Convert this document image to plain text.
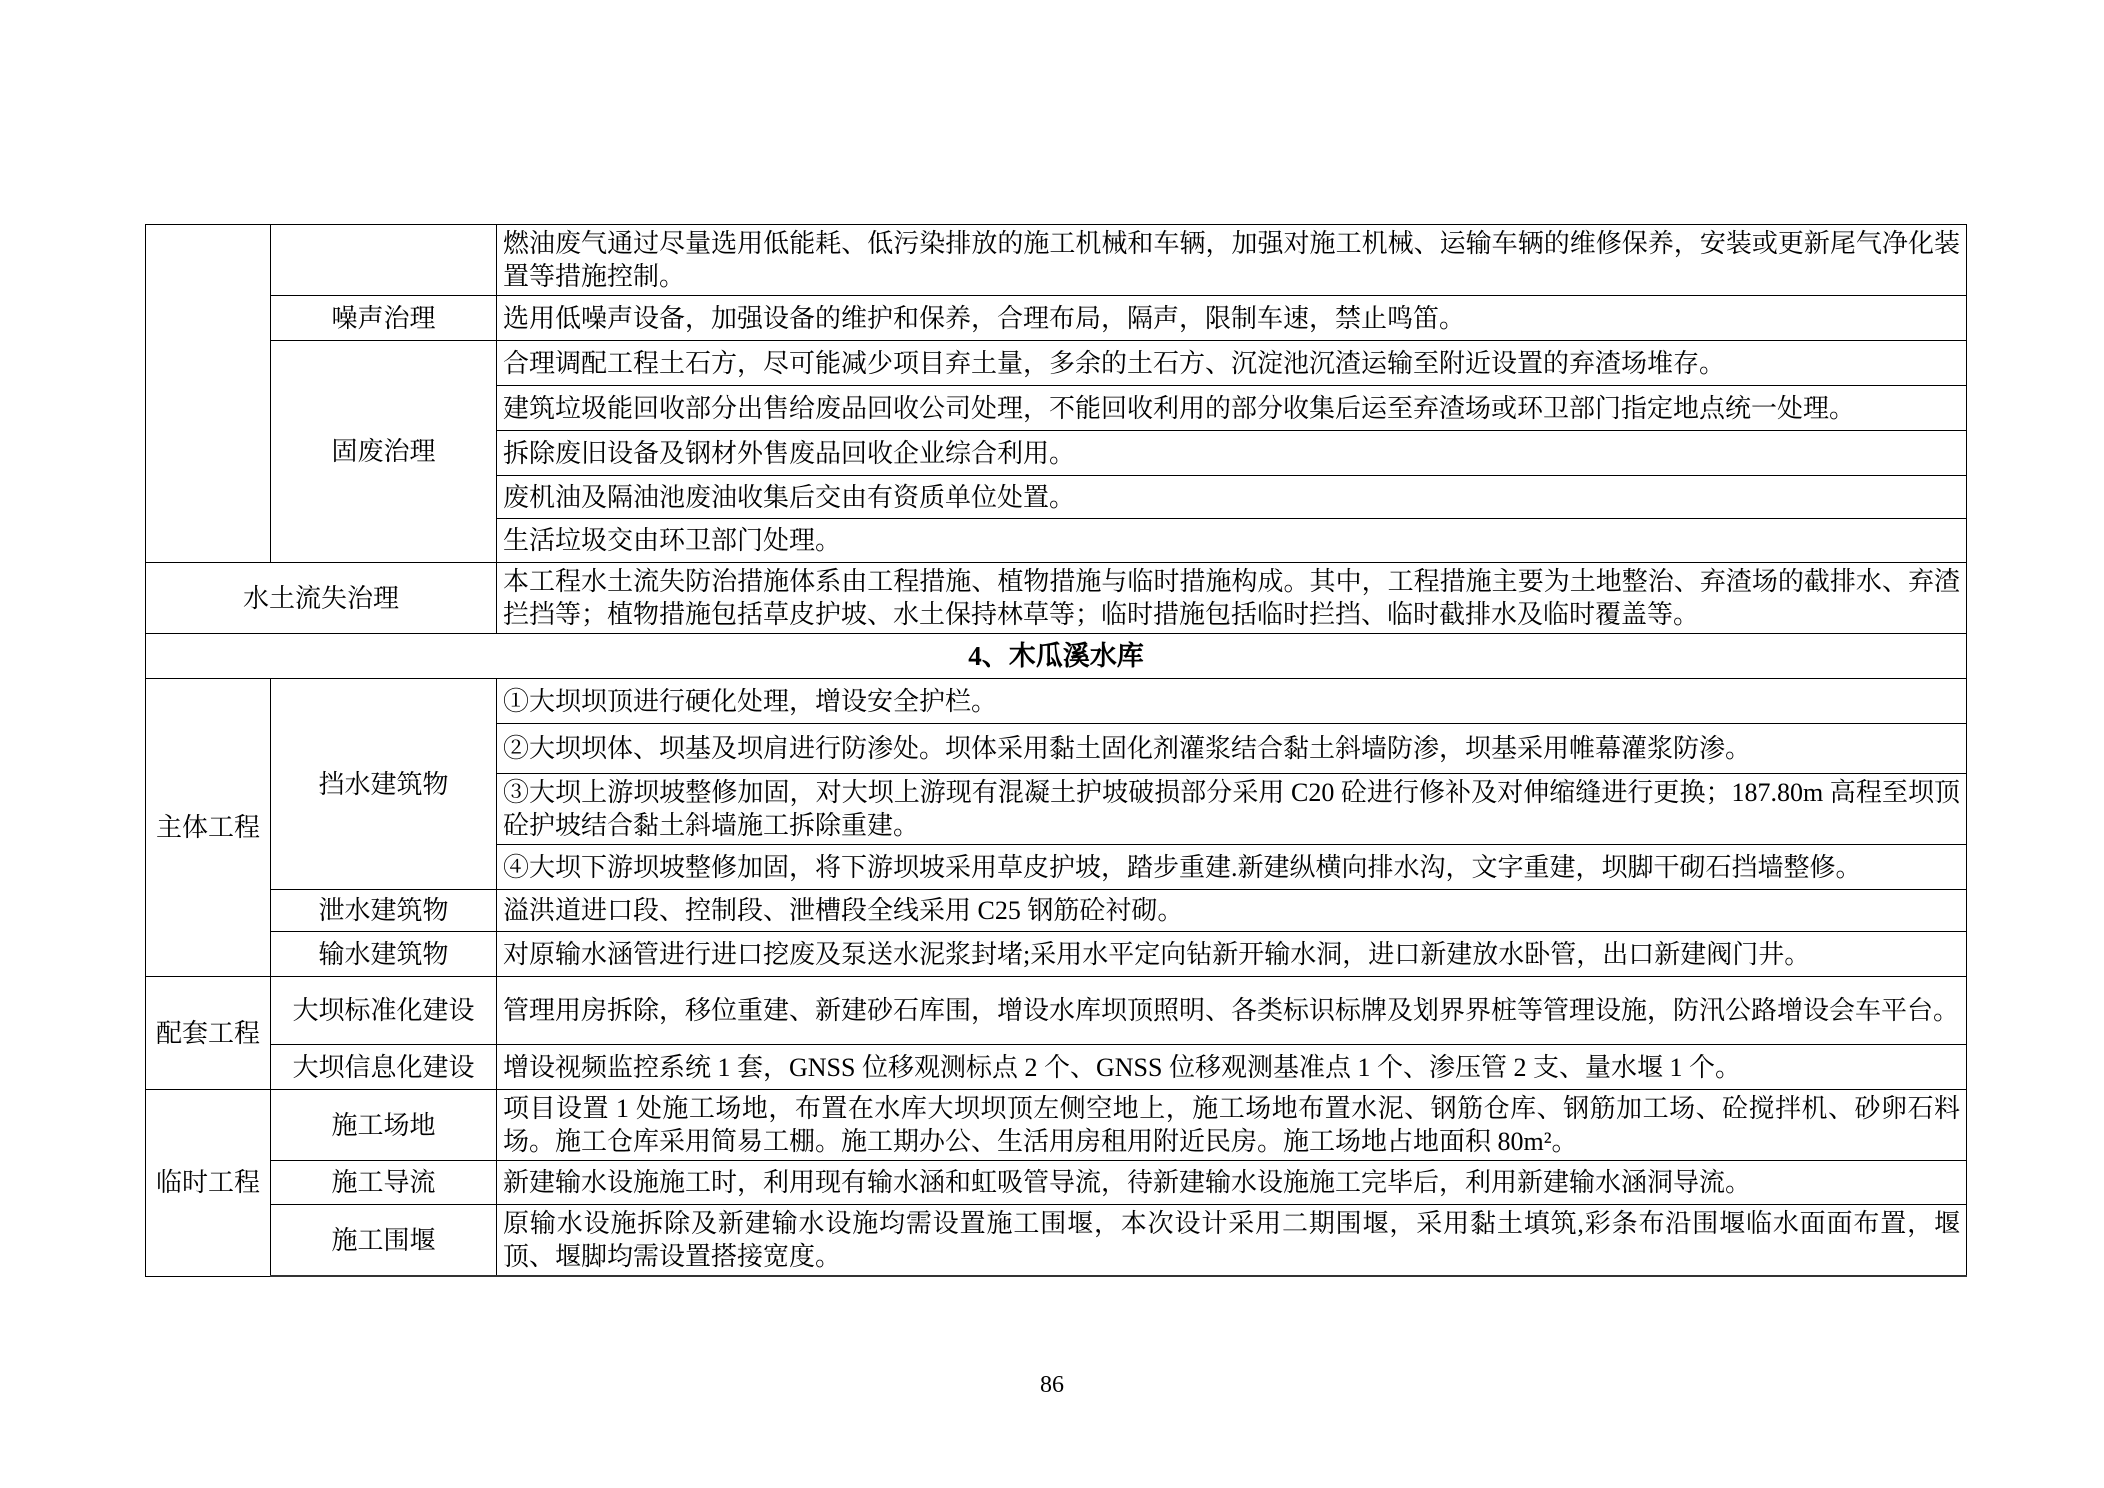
		燃油废气通过尽量选用低能耗、低污染排放的施工机械和车辆，加强对施工机械、运输车辆的维修保养，安装或更新尾气净化装置等措施控制。
	噪声治理	选用低噪声设备，加强设备的维护和保养，合理布局，隔声，限制车速，禁止鸣笛。
	固废治理	合理调配工程土石方，尽可能减少项目弃土量，多余的土石方、沉淀池沉渣运输至附近设置的弃渣场堆存。
		建筑垃圾能回收部分出售给废品回收公司处理，不能回收利用的部分收集后运至弃渣场或环卫部门指定地点统一处理。
		拆除废旧设备及钢材外售废品回收企业综合利用。
		废机油及隔油池废油收集后交由有资质单位处置。
		生活垃圾交由环卫部门处理。
水土流失治理		本工程水土流失防治措施体系由工程措施、植物措施与临时措施构成。其中，工程措施主要为土地整治、弃渣场的截排水、弃渣拦挡等；植物措施包括草皮护坡、水土保持林草等；临时措施包括临时拦挡、临时截排水及临时覆盖等。
4、木瓜溪水库		
主体工程	挡水建筑物	①大坝坝顶进行硬化处理，增设安全护栏。
		②大坝坝体、坝基及坝肩进行防渗处。坝体采用黏土固化剂灌浆结合黏土斜墙防渗，坝基采用帷幕灌浆防渗。
		③大坝上游坝坡整修加固，对大坝上游现有混凝土护坡破损部分采用 C20 砼进行修补及对伸缩缝进行更换；187.80m 高程至坝顶砼护坡结合黏土斜墙施工拆除重建。
		④大坝下游坝坡整修加固，将下游坝坡采用草皮护坡，踏步重建.新建纵横向排水沟，文字重建，坝脚干砌石挡墙整修。
	泄水建筑物	溢洪道进口段、控制段、泄槽段全线采用 C25 钢筋砼衬砌。
	输水建筑物	对原输水涵管进行进口挖废及泵送水泥浆封堵;采用水平定向钻新开输水洞，进口新建放水卧管，出口新建阀门井。
配套工程	大坝标准化建设	管理用房拆除，移位重建、新建砂石库围，增设水库坝顶照明、各类标识标牌及划界界桩等管理设施，防汛公路增设会车平台。
	大坝信息化建设	增设视频监控系统 1 套，GNSS 位移观测标点 2 个、GNSS 位移观测基准点 1 个、渗压管 2 支、量水堰 1 个。
临时工程	施工场地	项目设置 1 处施工场地，布置在水库大坝坝顶左侧空地上，施工场地布置水泥、钢筋仓库、钢筋加工场、砼搅拌机、砂卵石料场。施工仓库采用简易工棚。施工期办公、生活用房租用附近民房。施工场地占地面积 80m²。
	施工导流	新建输水设施施工时，利用现有输水涵和虹吸管导流，待新建输水设施施工完毕后，利用新建输水涵洞导流。
	施工围堰	原输水设施拆除及新建输水设施均需设置施工围堰，本次设计采用二期围堰，采用黏土填筑,彩条布沿围堰临水面面布置，堰顶、堰脚均需设置搭接宽度。
86
